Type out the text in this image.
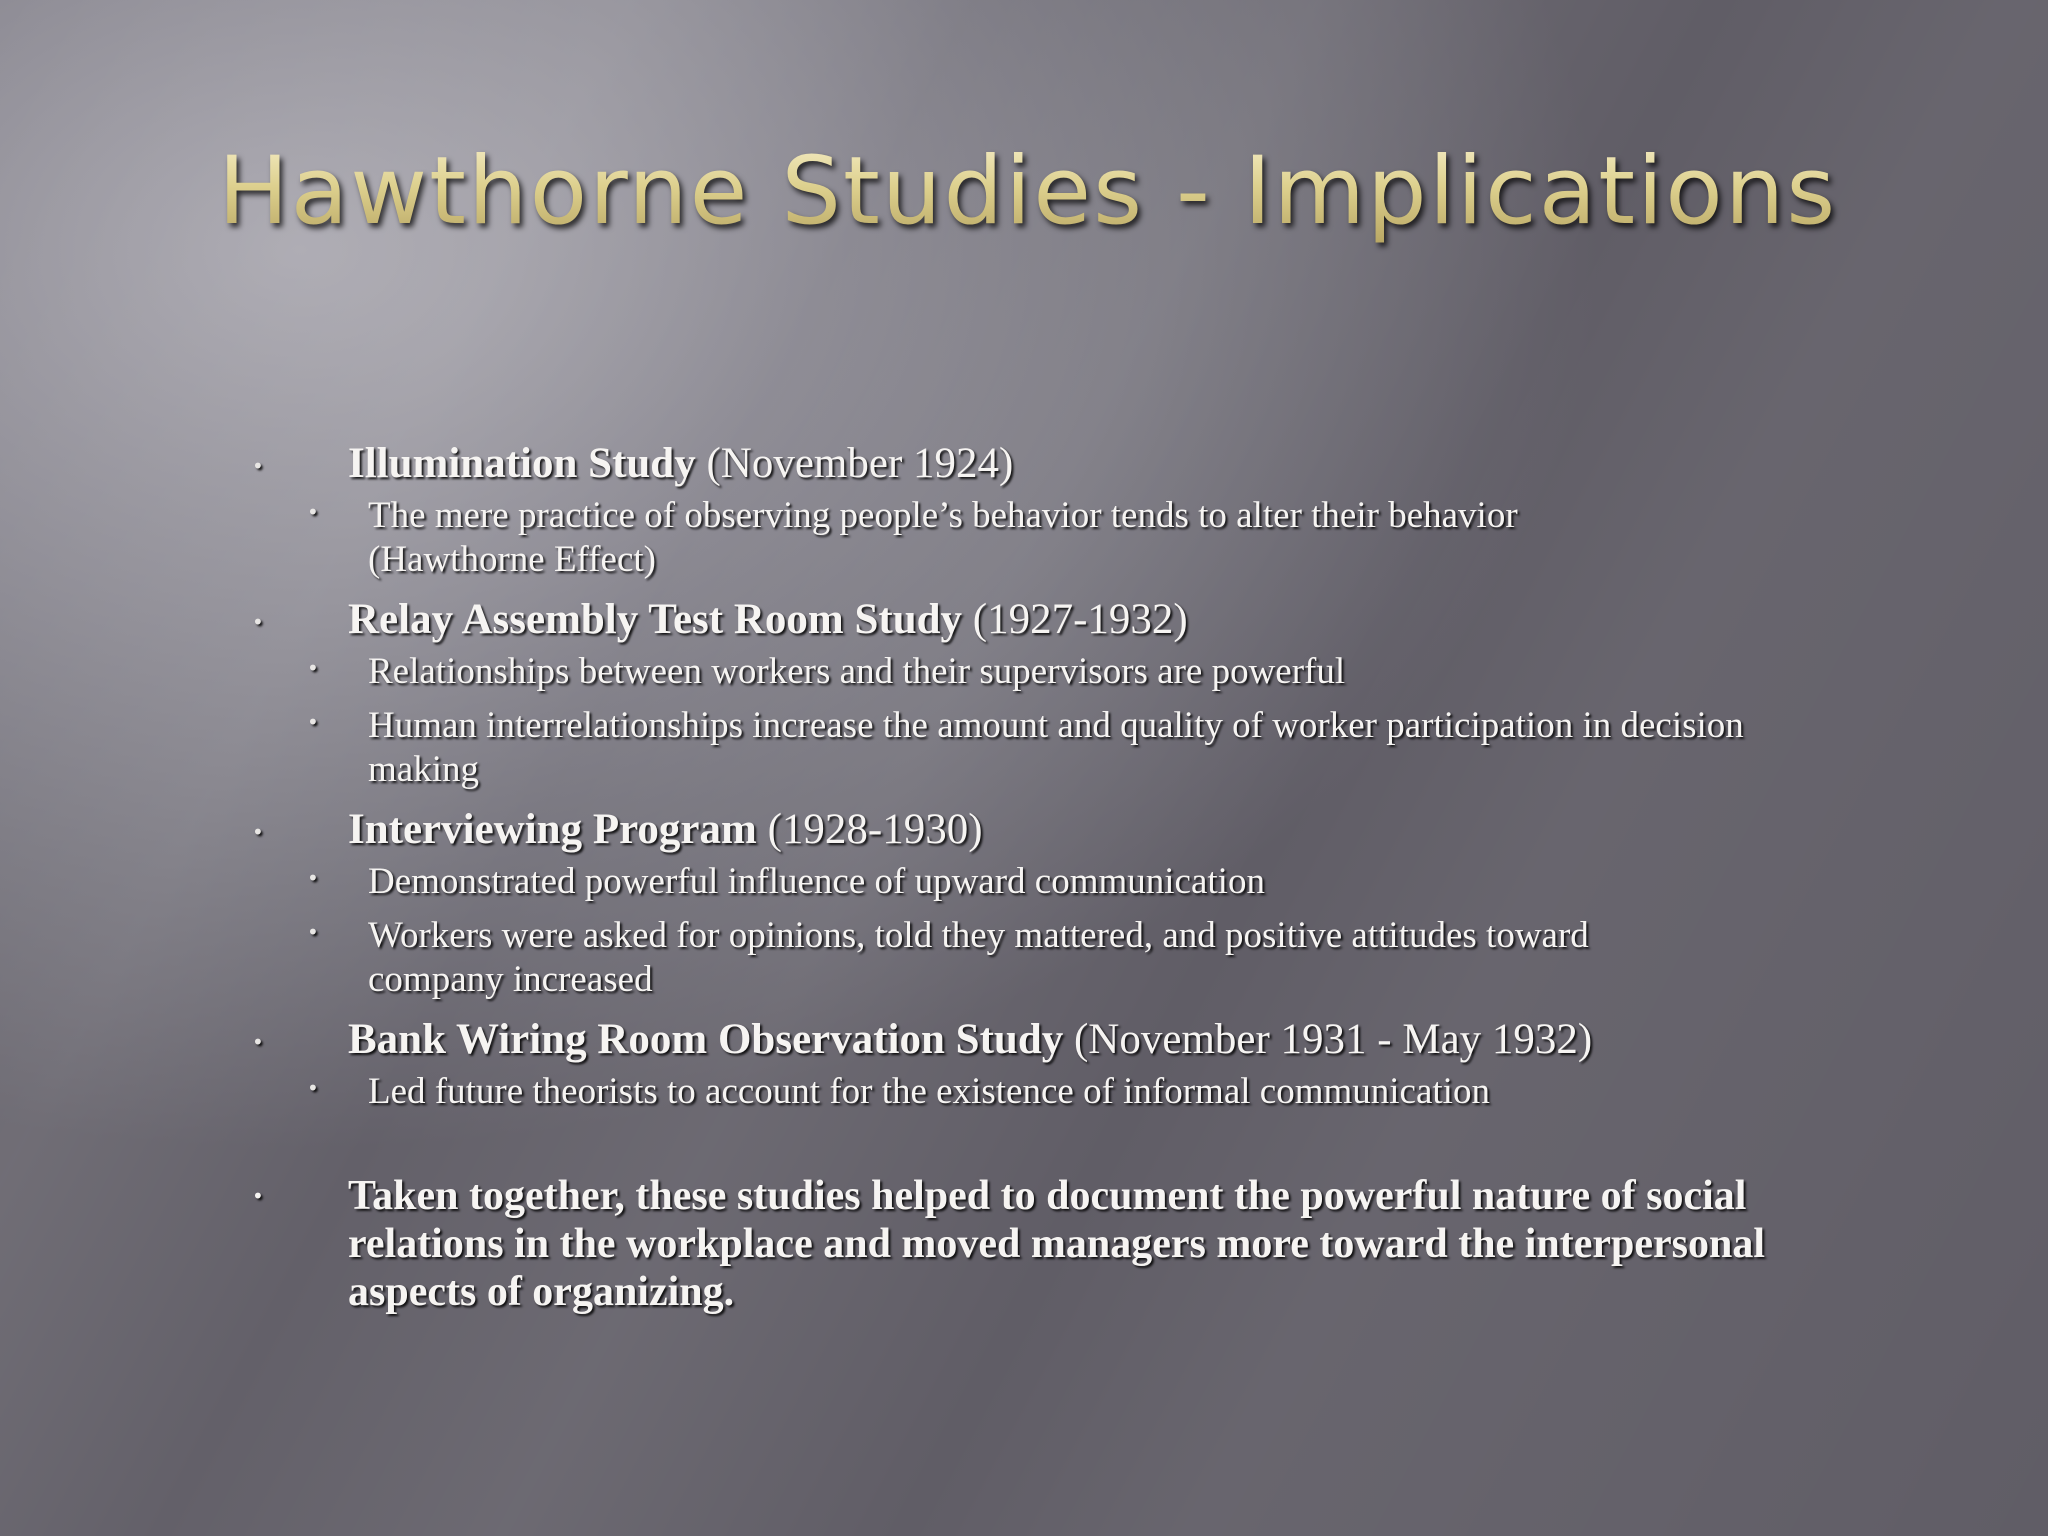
Hawthorne Studies - Implications
• Illumination Study (November 1924)
• The mere practice of observing people’s behavior tends to alter their behavior (Hawthorne Effect)
• Relay Assembly Test Room Study (1927-1932)
• Relationships between workers and their supervisors are powerful
• Human interrelationships increase the amount and quality of worker participation in decision making
• Interviewing Program (1928-1930)
• Demonstrated powerful influence of upward communication
• Workers were asked for opinions, told they mattered, and positive attitudes toward company increased
• Bank Wiring Room Observation Study (November 1931 - May 1932)
• Led future theorists to account for the existence of informal communication
• Taken together, these studies helped to document the powerful nature of social relations in the workplace and moved managers more toward the interpersonal aspects of organizing.
